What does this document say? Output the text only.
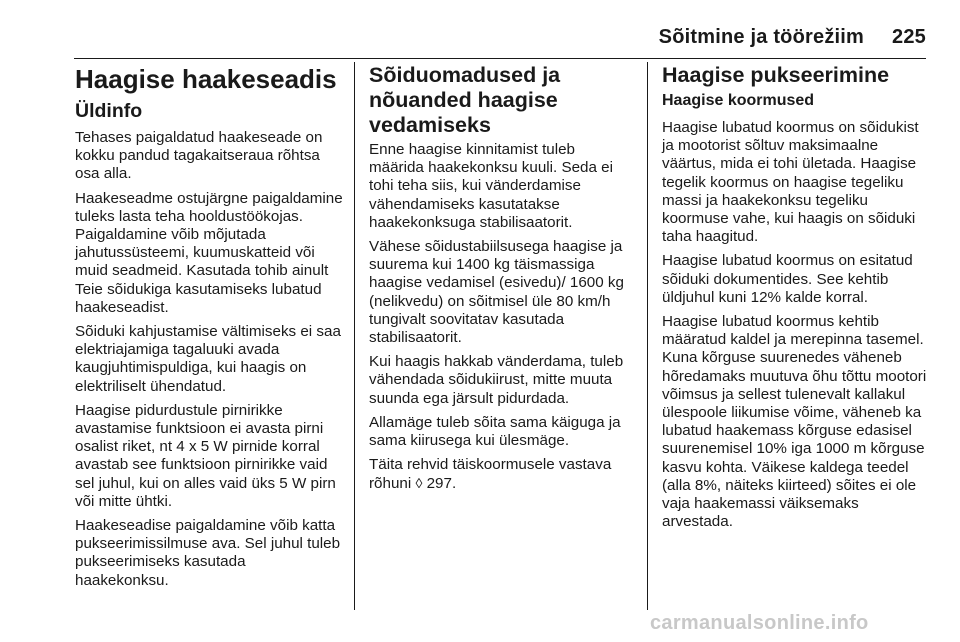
Sõitmine ja töörežiim 225
Haagise haakeseadis
Üldinfo

Tehases paigaldatud haakeseade on kokku pandud tagakaitseraua rõhtsa osa alla.

Haakeseadme ostujärgne paigaldamine tuleks lasta teha hooldustöökojas. Paigaldamine võib mõjutada jahutussüsteemi, kuumuskatteid või muid seadmeid. Kasutada tohib ainult Teie sõidukiga kasutamiseks lubatud haakeseadist.

Sõiduki kahjustamise vältimiseks ei saa elektriajamiga tagaluuki avada kaugjuhtimispuldiga, kui haagis on elektriliselt ühendatud.

Haagise pidurdustule pirnirikke avastamise funktsioon ei avasta pirni osalist riket, nt 4 x 5 W pirnide korral avastab see funktsioon pirnirikke vaid sel juhul, kui on alles vaid üks 5 W pirn või mitte ühtki.

Haakeseadise paigaldamine võib katta pukseerimissilmuse ava. Sel juhul tuleb pukseerimiseks kasutada haakekonksu.

Sõiduomadused ja nõuanded haagise vedamiseks

Enne haagise kinnitamist tuleb määrida haakekonksu kuuli. Seda ei tohi teha siis, kui vänderdamise vähendamiseks kasutatakse haakekonksuga stabilisaatorit.

Vähese sõidustabiilsusega haagise ja suurema kui 1400 kg täismassiga haagise vedamisel (esivedu)/ 1600 kg (nelikvedu) on sõitmisel üle 80 km/h tungivalt soovitatav kasutada stabilisaatorit.

Kui haagis hakkab vänderdama, tuleb vähendada sõidukiirust, mitte muuta suunda ega järsult pidurdada.

Allamäge tuleb sõita sama käiguga ja sama kiirusega kui ülesmäge.

Täita rehvid täiskoormusele vastava rõhuni ◊ 297.

Haagise pukseerimine
Haagise koormused

Haagise lubatud koormus on sõidukist ja mootorist sõltuv maksimaalne väärtus, mida ei tohi ületada. Haagise tegelik koormus on haagise tegeliku massi ja haakekonksu tegeliku koormuse vahe, kui haagis on sõiduki taha haagitud.

Haagise lubatud koormus on esitatud sõiduki dokumentides. See kehtib üldjuhul kuni 12% kalde korral.

Haagise lubatud koormus kehtib määratud kaldel ja merepinna tasemel. Kuna kõrguse suurenedes väheneb hõredamaks muutuva õhu tõttu mootori võimsus ja sellest tulenevalt kallakul ülespoole liikumise võime, väheneb ka lubatud haakemass kõrguse edasisel suurenemisel 10% iga 1000 m kõrguse kasvu kohta. Väikese kaldega teedel (alla 8%, näiteks kiirteed) sõites ei ole vaja haakemassi väiksemaks arvestada.

carmanualsonline.info
